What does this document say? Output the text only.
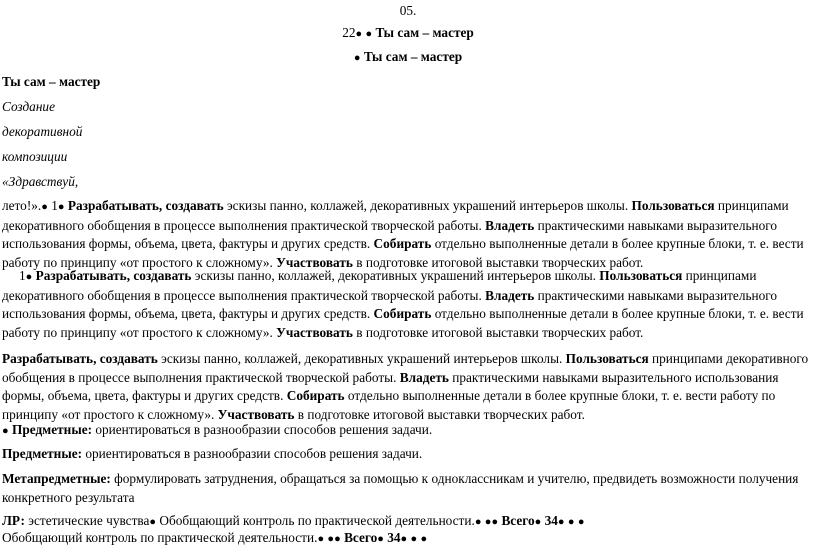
05.
22● ● Ты сам – мастер
● Ты сам – мастер
Ты сам – мастер
Создание
декоративной
композиции
«Здравствуй,
лето!».● 1● Разрабатывать, создавать эскизы панно, коллажей, декоративных украшений интерьеров школы. Пользоваться принципами декоративного обобщения в процессе выполнения практической творческой работы. Владеть практическими навыками выразительного использования формы, объема, цвета, фактуры и других средств. Собирать отдельно выполненные детали в более крупные блоки, т. е. вести работу по принципу «от простого к сложному». Участвовать в подготовке итоговой выставки творческих работ.
1● Разрабатывать, создавать эскизы панно, коллажей, декоративных украшений интерьеров школы. Пользоваться принципами декоративного обобщения в процессе выполнения практической творческой работы. Владеть практическими навыками выразительного использования формы, объема, цвета, фактуры и других средств. Собирать отдельно выполненные детали в более крупные блоки, т. е. вести работу по принципу «от простого к сложному». Участвовать в подготовке итоговой выставки творческих работ.
Разрабатывать, создавать эскизы панно, коллажей, декоративных украшений интерьеров школы. Пользоваться принципами декоративного обобщения в процессе выполнения практической творческой работы. Владеть практическими навыками выразительного использования формы, объема, цвета, фактуры и других средств. Собирать отдельно выполненные детали в более крупные блоки, т. е. вести работу по принципу «от простого к сложному». Участвовать в подготовке итоговой выставки творческих работ.
● Предметные: ориентироваться в разнообразии способов решения задачи.
Предметные: ориентироваться в разнообразии способов решения задачи.
Метапредметные: формулировать затруднения, обращаться за помощью к одноклассникам и учителю, предвидеть возможности получения конкретного результата
ЛР: эстетические чувства● Обобщающий контроль по практической деятельности.● ●● Всего● 34● ● ●
Обобщающий контроль по практической деятельности.● ●● Всего● 34● ● ●
